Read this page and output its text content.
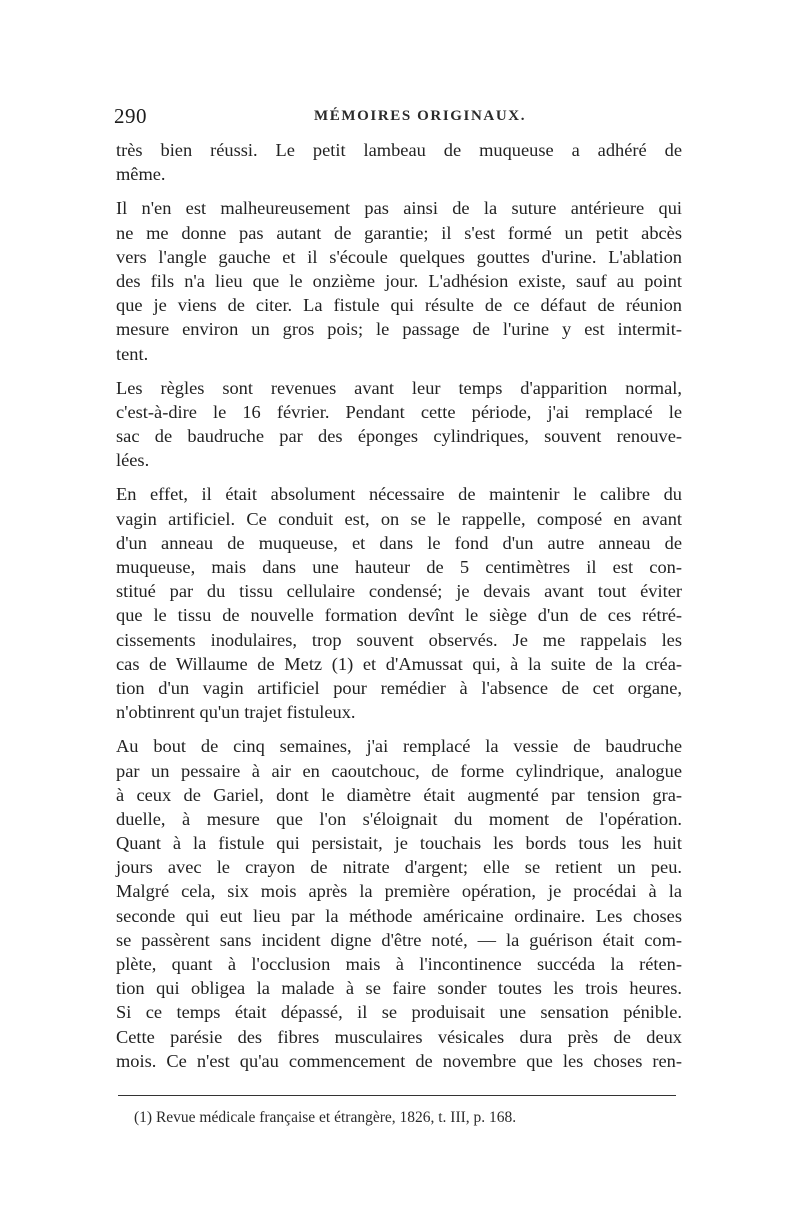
290	MÉMOIRES ORIGINAUX.
très bien réussi. Le petit lambeau de muqueuse a adhéré de
même.
Il n'en est malheureusement pas ainsi de la suture antérieure qui
ne me donne pas autant de garantie; il s'est formé un petit abcès
vers l'angle gauche et il s'écoule quelques gouttes d'urine. L'ablation
des fils n'a lieu que le onzième jour. L'adhésion existe, sauf au point
que je viens de citer. La fistule qui résulte de ce défaut de réunion
mesure environ un gros pois; le passage de l'urine y est intermit-
tent.
Les règles sont revenues avant leur temps d'apparition normal,
c'est-à-dire le 16 février. Pendant cette période, j'ai remplacé le
sac de baudruche par des éponges cylindriques, souvent renouve-
lées.
En effet, il était absolument nécessaire de maintenir le calibre du
vagin artificiel. Ce conduit est, on se le rappelle, composé en avant
d'un anneau de muqueuse, et dans le fond d'un autre anneau de
muqueuse, mais dans une hauteur de 5 centimètres il est con-
stitué par du tissu cellulaire condensé; je devais avant tout éviter
que le tissu de nouvelle formation devînt le siège d'un de ces rétré-
cissements inodulaires, trop souvent observés. Je me rappelais les
cas de Willaume de Metz (1) et d'Amussat qui, à la suite de la créa-
tion d'un vagin artificiel pour remédier à l'absence de cet organe,
n'obtinrent qu'un trajet fistuleux.
Au bout de cinq semaines, j'ai remplacé la vessie de baudruche
par un pessaire à air en caoutchouc, de forme cylindrique, analogue
à ceux de Gariel, dont le diamètre était augmenté par tension gra-
duelle, à mesure que l'on s'éloignait du moment de l'opération.
Quant à la fistule qui persistait, je touchais les bords tous les huit
jours avec le crayon de nitrate d'argent; elle se retient un peu.
Malgré cela, six mois après la première opération, je procédai à la
seconde qui eut lieu par la méthode américaine ordinaire. Les choses
se passèrent sans incident digne d'être noté, — la guérison était com-
plète, quant à l'occlusion mais à l'incontinence succéda la réten-
tion qui obligea la malade à se faire sonder toutes les trois heures.
Si ce temps était dépassé, il se produisait une sensation pénible.
Cette parésie des fibres musculaires vésicales dura près de deux
mois. Ce n'est qu'au commencement de novembre que les choses ren-
(1) Revue médicale française et étrangère, 1826, t. III, p. 168.
